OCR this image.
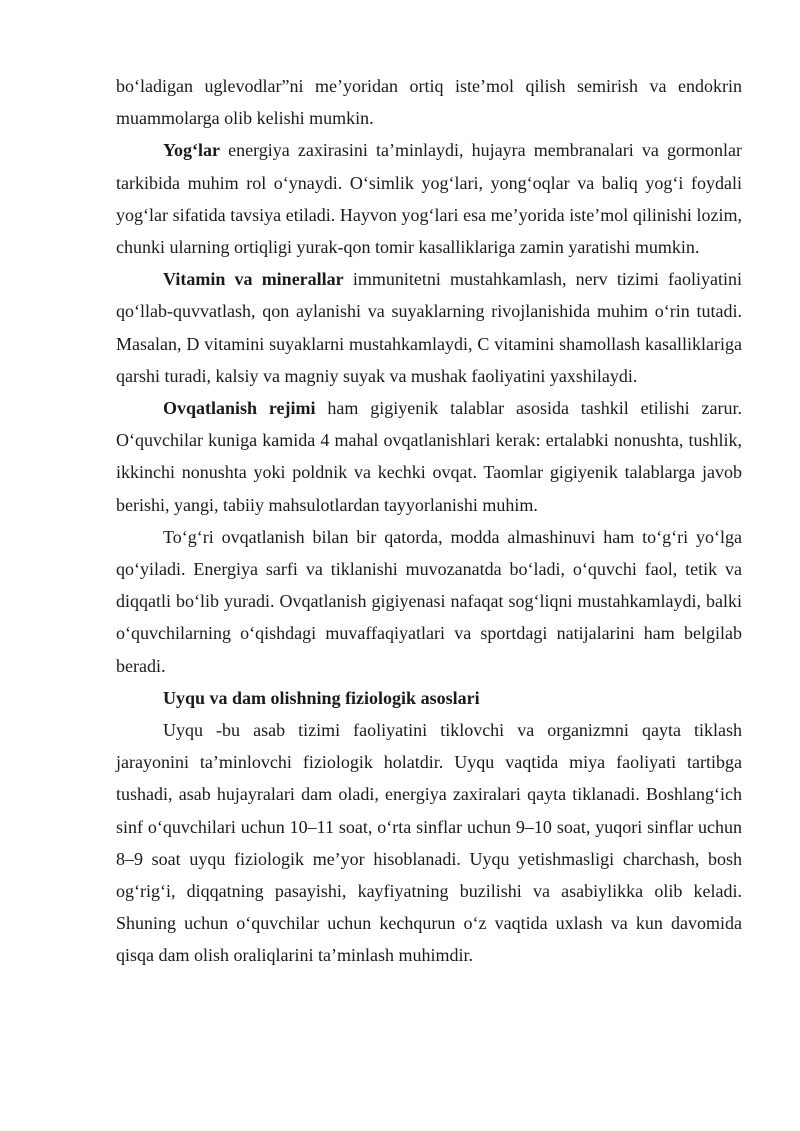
bo‘ladigan uglevodlar”ni me’yoridan ortiq iste’mol qilish semirish va endokrin muammolarga olib kelishi mumkin.

Yog‘lar energiya zaxirasini ta’minlaydi, hujayra membranalari va gormonlar tarkibida muhim rol o‘ynaydi. O‘simlik yog‘lari, yong‘oqlar va baliq yog‘i foydali yog‘lar sifatida tavsiya etiladi. Hayvon yog‘lari esa me’yorida iste’mol qilinishi lozim, chunki ularning ortiqligi yurak-qon tomir kasalliklariga zamin yaratishi mumkin.

Vitamin va minerallar immunitetni mustahkamlash, nerv tizimi faoliyatini qo‘llab-quvvatlash, qon aylanishi va suyaklarning rivojlanishida muhim o‘rin tutadi. Masalan, D vitamini suyaklarni mustahkamlaydi, C vitamini shamollash kasalliklariga qarshi turadi, kalsiy va magniy suyak va mushak faoliyatini yaxshilaydi.

Ovqatlanish rejimi ham gigiyenik talablar asosida tashkil etilishi zarur. O‘quvchilar kuniga kamida 4 mahal ovqatlanishlari kerak: ertalabki nonushta, tushlik, ikkinchi nonushta yoki poldnik va kechki ovqat. Taomlar gigiyenik talablarga javob berishi, yangi, tabiiy mahsulotlardan tayyorlanishi muhim.

To‘g‘ri ovqatlanish bilan bir qatorda, modda almashinuvi ham to‘g‘ri yo‘lga qo‘yiladi. Energiya sarfi va tiklanishi muvozanatda bo‘ladi, o‘quvchi faol, tetik va diqqatli bo‘lib yuradi. Ovqatlanish gigiyenasi nafaqat sog‘liqni mustahkamlaydi, balki o‘quvchilarning o‘qishdagi muvaffaqiyatlari va sportdagi natijalarini ham belgilab beradi.

Uyqu va dam olishning fiziologik asoslari

Uyqu -bu asab tizimi faoliyatini tiklovchi va organizmni qayta tiklash jarayonini ta’minlovchi fiziologik holatdir. Uyqu vaqtida miya faoliyati tartibga tushadi, asab hujayralari dam oladi, energiya zaxiralari qayta tiklanadi. Boshlang‘ich sinf o‘quvchilari uchun 10–11 soat, o‘rta sinflar uchun 9–10 soat, yuqori sinflar uchun 8–9 soat uyqu fiziologik me’yor hisoblanadi. Uyqu yetishmasligi charchash, bosh og‘rig‘i, diqqatning pasayishi, kayfiyatning buzilishi va asabiylikka olib keladi. Shuning uchun o‘quvchilar uchun kechqurun o‘z vaqtida uxlash va kun davomida qisqa dam olish oraliqlarini ta’minlash muhimdir.
